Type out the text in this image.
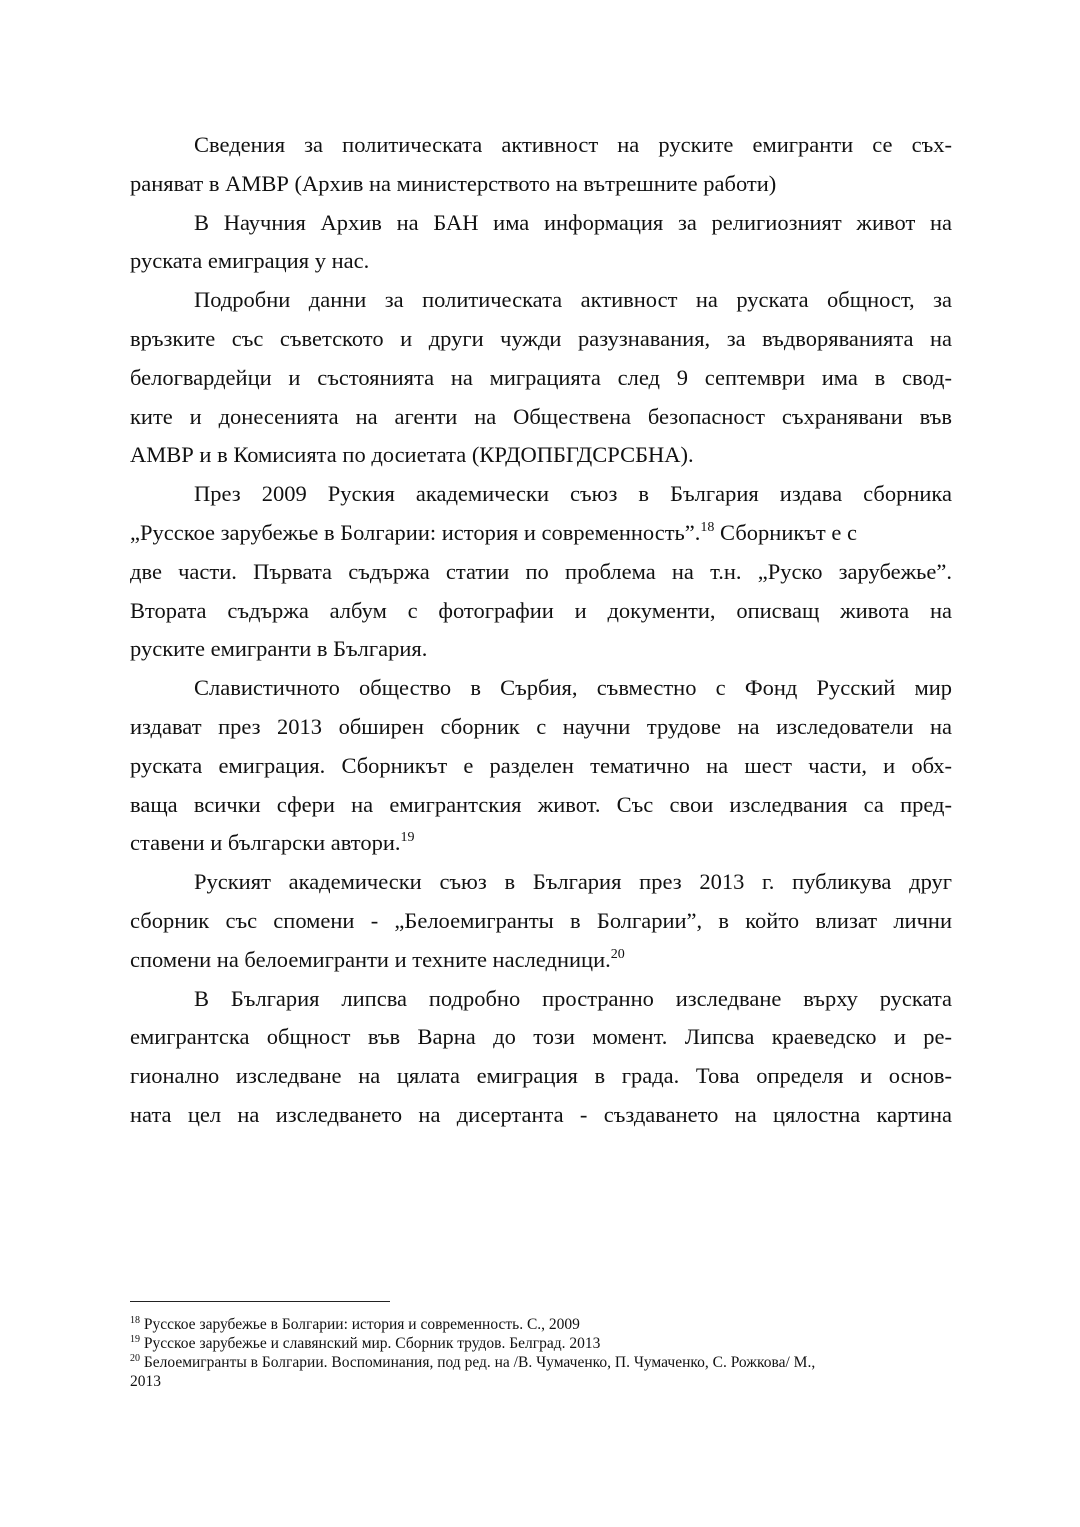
Сведения за политическата активност на руските емигранти се съх-
раняват в АМВР (Архив на министерството на вътрешните работи)
В Научния Архив на БАН има информация за религиозният живот на
руската емиграция у нас.
Подробни данни за политическата активност на руската общност, за
връзките със съветското и други чужди разузнавания, за въдворяванията на
белогвардейци и състоянията на миграцията след 9 септември има в свод-
ките и донесенията на агенти на Обществена безопасност съхранявани във
АМВР и в Комисията по досиетата (КРДОПБГДСРСБНА).
През 2009 Руския академически съюз в България издава сборника
„Русское зарубежье в Болгарии: история и современность”.$^{18}$ Сборникът е с
две части. Първата съдържа статии по проблема на т.н. „Руско зарубежье”.
Втората съдържа албум с фотографии и документи, описващ живота на
руските емигранти в България.
Славистичното общество в Сърбия, съвместно с Фонд Русский мир
издават през 2013 обширен сборник с научни трудове на изследователи на
руската емиграция. Сборникът е разделен тематично на шест части, и обх-
ваща всички сфери на емигрантския живот. Със свои изследвания са пред-
ставени и български автори.$^{19}$
Руският академически съюз в България през 2013 г. публикува друг
сборник със спомени - „Белоемигранты в Болгарии”, в който влизат лични
спомени на белоемигранти и техните наследници.$^{20}$
В България липсва подробно пространно изследване върху руската
емигрантска общност във Варна до този момент. Липсва краеведско и ре-
гионално изследване на цялата емиграция в града. Това определя и основ-
ната цел на изследването на дисертанта - създаването на цялостна картина
$^{18}$ Русское зарубежье в Болгарии: история и современность. С., 2009
$^{19}$ Русское зарубежье и славянский мир. Сборник трудов. Белград. 2013
$^{20}$ Белоемигранты в Болгарии. Воспоминания, под ред. на /В. Чумаченко, П. Чумаченко, С. Рожкова/ М.,
2013
